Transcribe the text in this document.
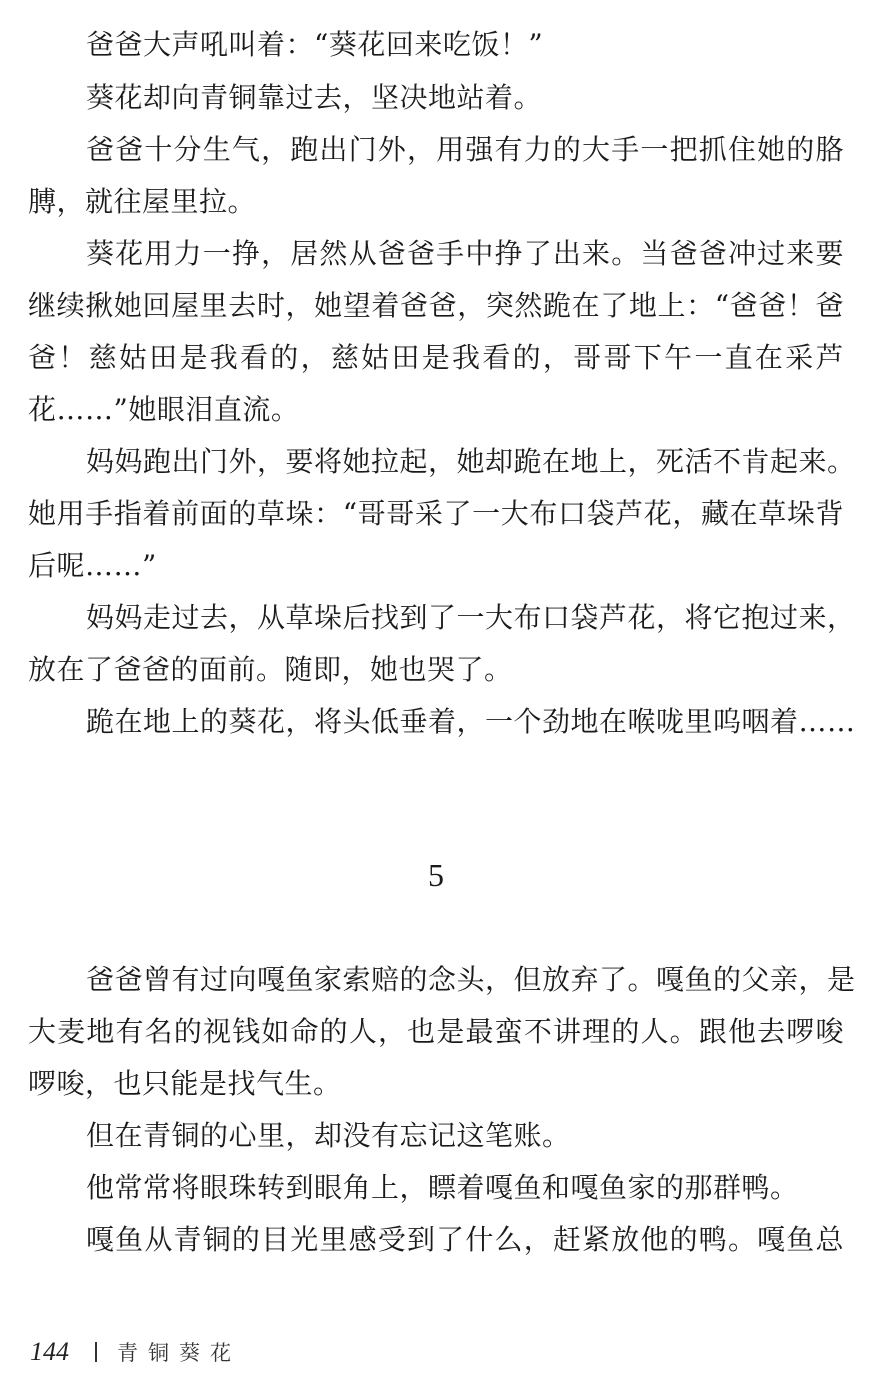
爸爸大声吼叫着：“葵花回来吃饭！”
葵花却向青铜靠过去，坚决地站着。
爸爸十分生气，跑出门外，用强有力的大手一把抓住她的胳
膊，就往屋里拉。
葵花用力一挣，居然从爸爸手中挣了出来。当爸爸冲过来要
继续揪她回屋里去时，她望着爸爸，突然跪在了地上：“爸爸！爸
爸！慈姑田是我看的，慈姑田是我看的，哥哥下午一直在采芦
花……”她眼泪直流。
妈妈跑出门外，要将她拉起，她却跪在地上，死活不肯起来。
她用手指着前面的草垛：“哥哥采了一大布口袋芦花，藏在草垛背
后呢……”
妈妈走过去，从草垛后找到了一大布口袋芦花，将它抱过来，
放在了爸爸的面前。随即，她也哭了。
跪在地上的葵花，将头低垂着，一个劲地在喉咙里呜咽着……
5
爸爸曾有过向嘎鱼家索赔的念头，但放弃了。嘎鱼的父亲，是
大麦地有名的视钱如命的人，也是最蛮不讲理的人。跟他去啰唆
啰唆，也只能是找气生。
但在青铜的心里，却没有忘记这笔账。
他常常将眼珠转到眼角上，瞟着嘎鱼和嘎鱼家的那群鸭。
嘎鱼从青铜的目光里感受到了什么，赶紧放他的鸭。嘎鱼总
144 青铜葵花
